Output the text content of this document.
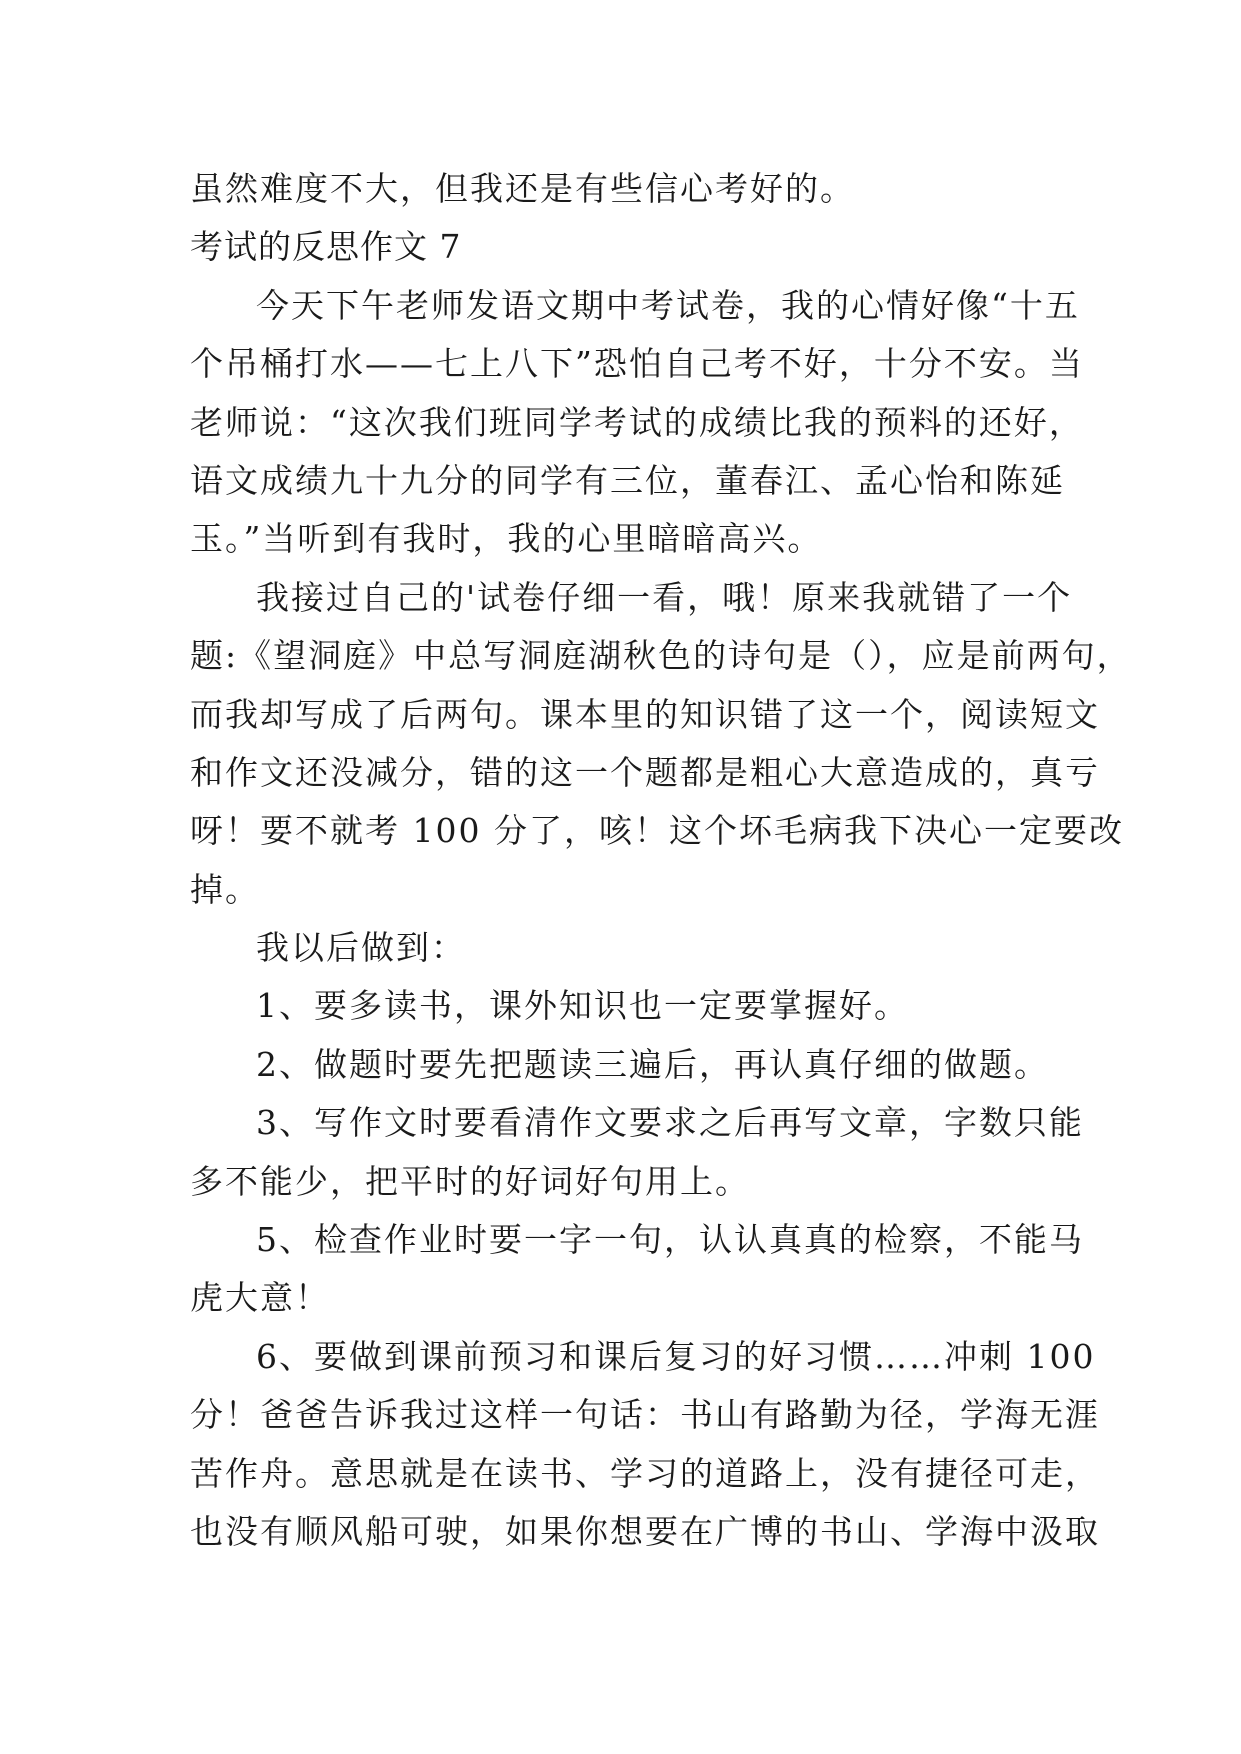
虽然难度不大，但我还是有些信心考好的。
考试的反思作文 7
今天下午老师发语文期中考试卷，我的心情好像“十五
个吊桶打水——七上八下”恐怕自己考不好，十分不安。当
老师说：“这次我们班同学考试的成绩比我的预料的还好，
语文成绩九十九分的同学有三位，董春江、孟心怡和陈延
玉。”当听到有我时，我的心里暗暗高兴。
我接过自己的'试卷仔细一看，哦！原来我就错了一个
题:《望洞庭》中总写洞庭湖秋色的诗句是（），应是前两句，
而我却写成了后两句。课本里的知识错了这一个，阅读短文
和作文还没减分，错的这一个题都是粗心大意造成的，真亏
呀！要不就考 100 分了，咳！这个坏毛病我下决心一定要改
掉。
我以后做到：
1、要多读书，课外知识也一定要掌握好。
2、做题时要先把题读三遍后，再认真仔细的做题。
3、写作文时要看清作文要求之后再写文章，字数只能
多不能少，把平时的好词好句用上。
5、检查作业时要一字一句，认认真真的检察，不能马
虎大意！
6、要做到课前预习和课后复习的好习惯……冲刺 100
分！爸爸告诉我过这样一句话：书山有路勤为径，学海无涯
苦作舟。意思就是在读书、学习的道路上，没有捷径可走，
也没有顺风船可驶，如果你想要在广博的书山、学海中汲取
